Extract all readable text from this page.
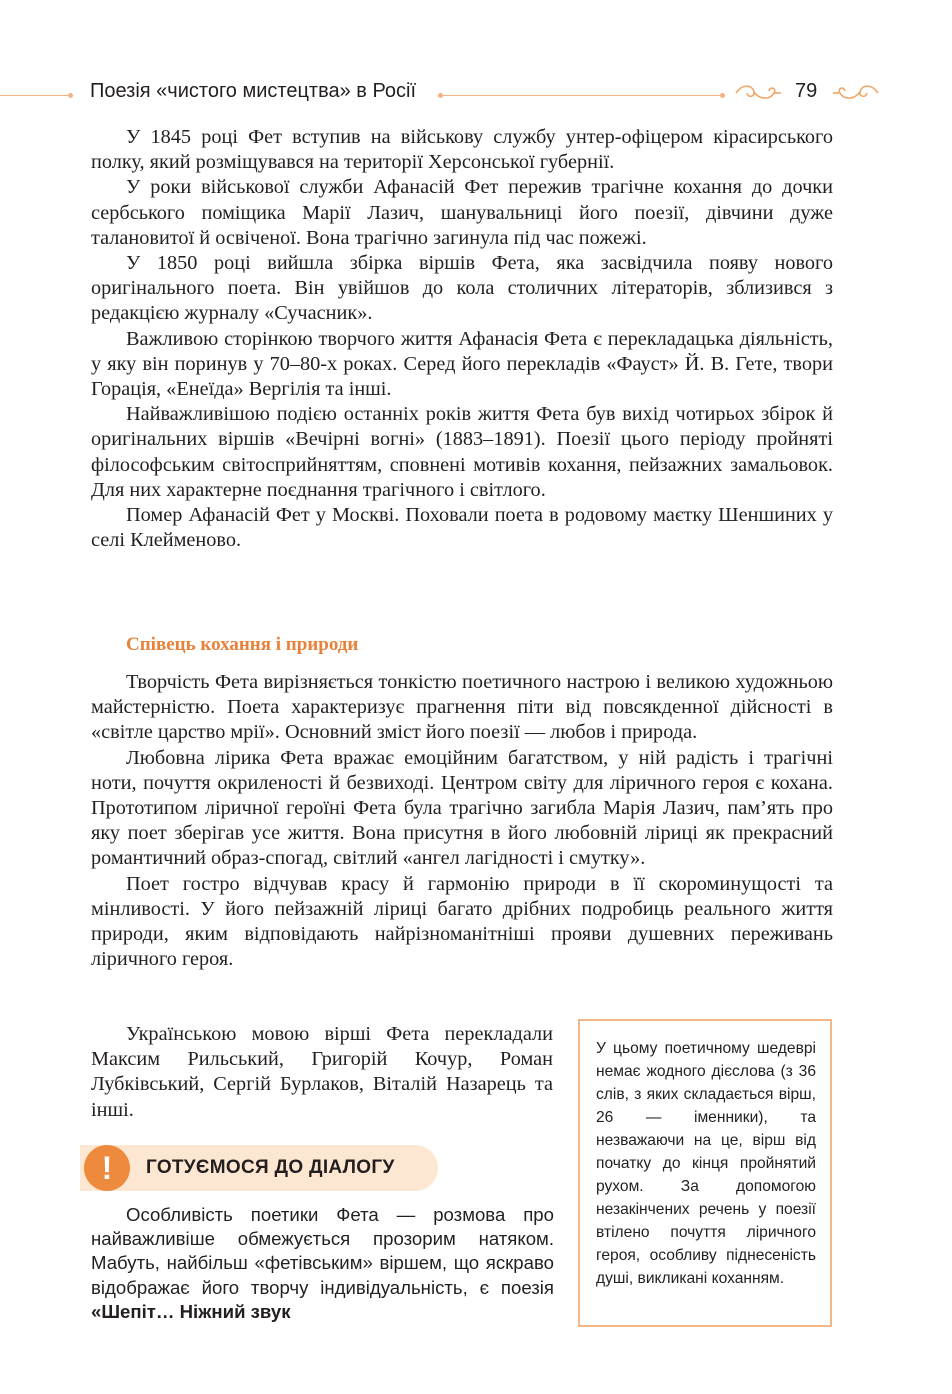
Поезія «чистого мистецтва» в Росії	79

У 1845 році Фет вступив на військову службу унтер-офіцером кірасирського полку, який розміщувався на території Херсонської губернії.

У роки військової служби Афанасій Фет пережив трагічне кохання до дочки сербського поміщика Марії Лазич, шанувальниці його поезії, дівчини дуже талановитої й освіченої. Вона трагічно загинула під час пожежі.

У 1850 році вийшла збірка віршів Фета, яка засвідчила появу нового оригінального поета. Він увійшов до кола столичних літераторів, зблизився з редакцією журналу «Сучасник».

Важливою сторінкою творчого життя Афанасія Фета є перекладацька діяльність, у яку він поринув у 70–80-х роках. Серед його перекладів «Фауст» Й. В. Гете, твори Горація, «Енеїда» Вергілія та інші.

Найважливішою подією останніх років життя Фета був вихід чотирьох збірок й оригінальних віршів «Вечірні вогні» (1883–1891). Поезії цього періоду пройняті філософським світосприйняттям, сповнені мотивів кохання, пейзажних замальовок. Для них характерне поєднання трагічного і світлого.

Помер Афанасій Фет у Москві. Поховали поета в родовому маєтку Шеншиних у селі Клейменово.

Співець кохання і природи

Творчість Фета вирізняється тонкістю поетичного настрою і великою художньою майстерністю. Поета характеризує прагнення піти від повсякденної дійсності в «світле царство мрії». Основний зміст його поезії — любов і природа.

Любовна лірика Фета вражає емоційним багатством, у ній радість і трагічні ноти, почуття окриленості й безвиході. Центром світу для ліричного героя є кохана. Прототипом ліричної героїні Фета була трагічно загибла Марія Лазич, пам’ять про яку поет зберігав усе життя. Вона присутня в його любовній ліриці як прекрасний романтичний образ-спогад, світлий «ангел лагідності і смутку».

Поет гостро відчував красу й гармонію природи в її скороминущості та мінливості. У його пейзажній ліриці багато дрібних подробиць реального життя природи, яким відповідають найрізноманітніші прояви душевних переживань ліричного героя.

Українською мовою вірші Фета перекладали Максим Рильський, Григорій Кочур, Роман Лубківський, Сергій Бурлаков, Віталій Назарець та інші.

У цьому поетичному шедеврі немає жодного дієслова (з 36 слів, з яких складається вірш, 26 — іменники), та незважаючи на це, вірш від початку до кінця пройнятий рухом. За допомогою незакінчених речень у поезії втілено почуття ліричного героя, особливу піднесеність душі, викликані коханням.
!	ГОТУЄМОСЯ ДО ДІАЛОГУ

Особливість поетики Фета — розмова про найважливіше обмежується прозорим натяком. Мабуть, найбільш «фетівським» віршем, що яскраво відображає його творчу індивідуальність, є поезія «Шепіт… Ніжний звук
